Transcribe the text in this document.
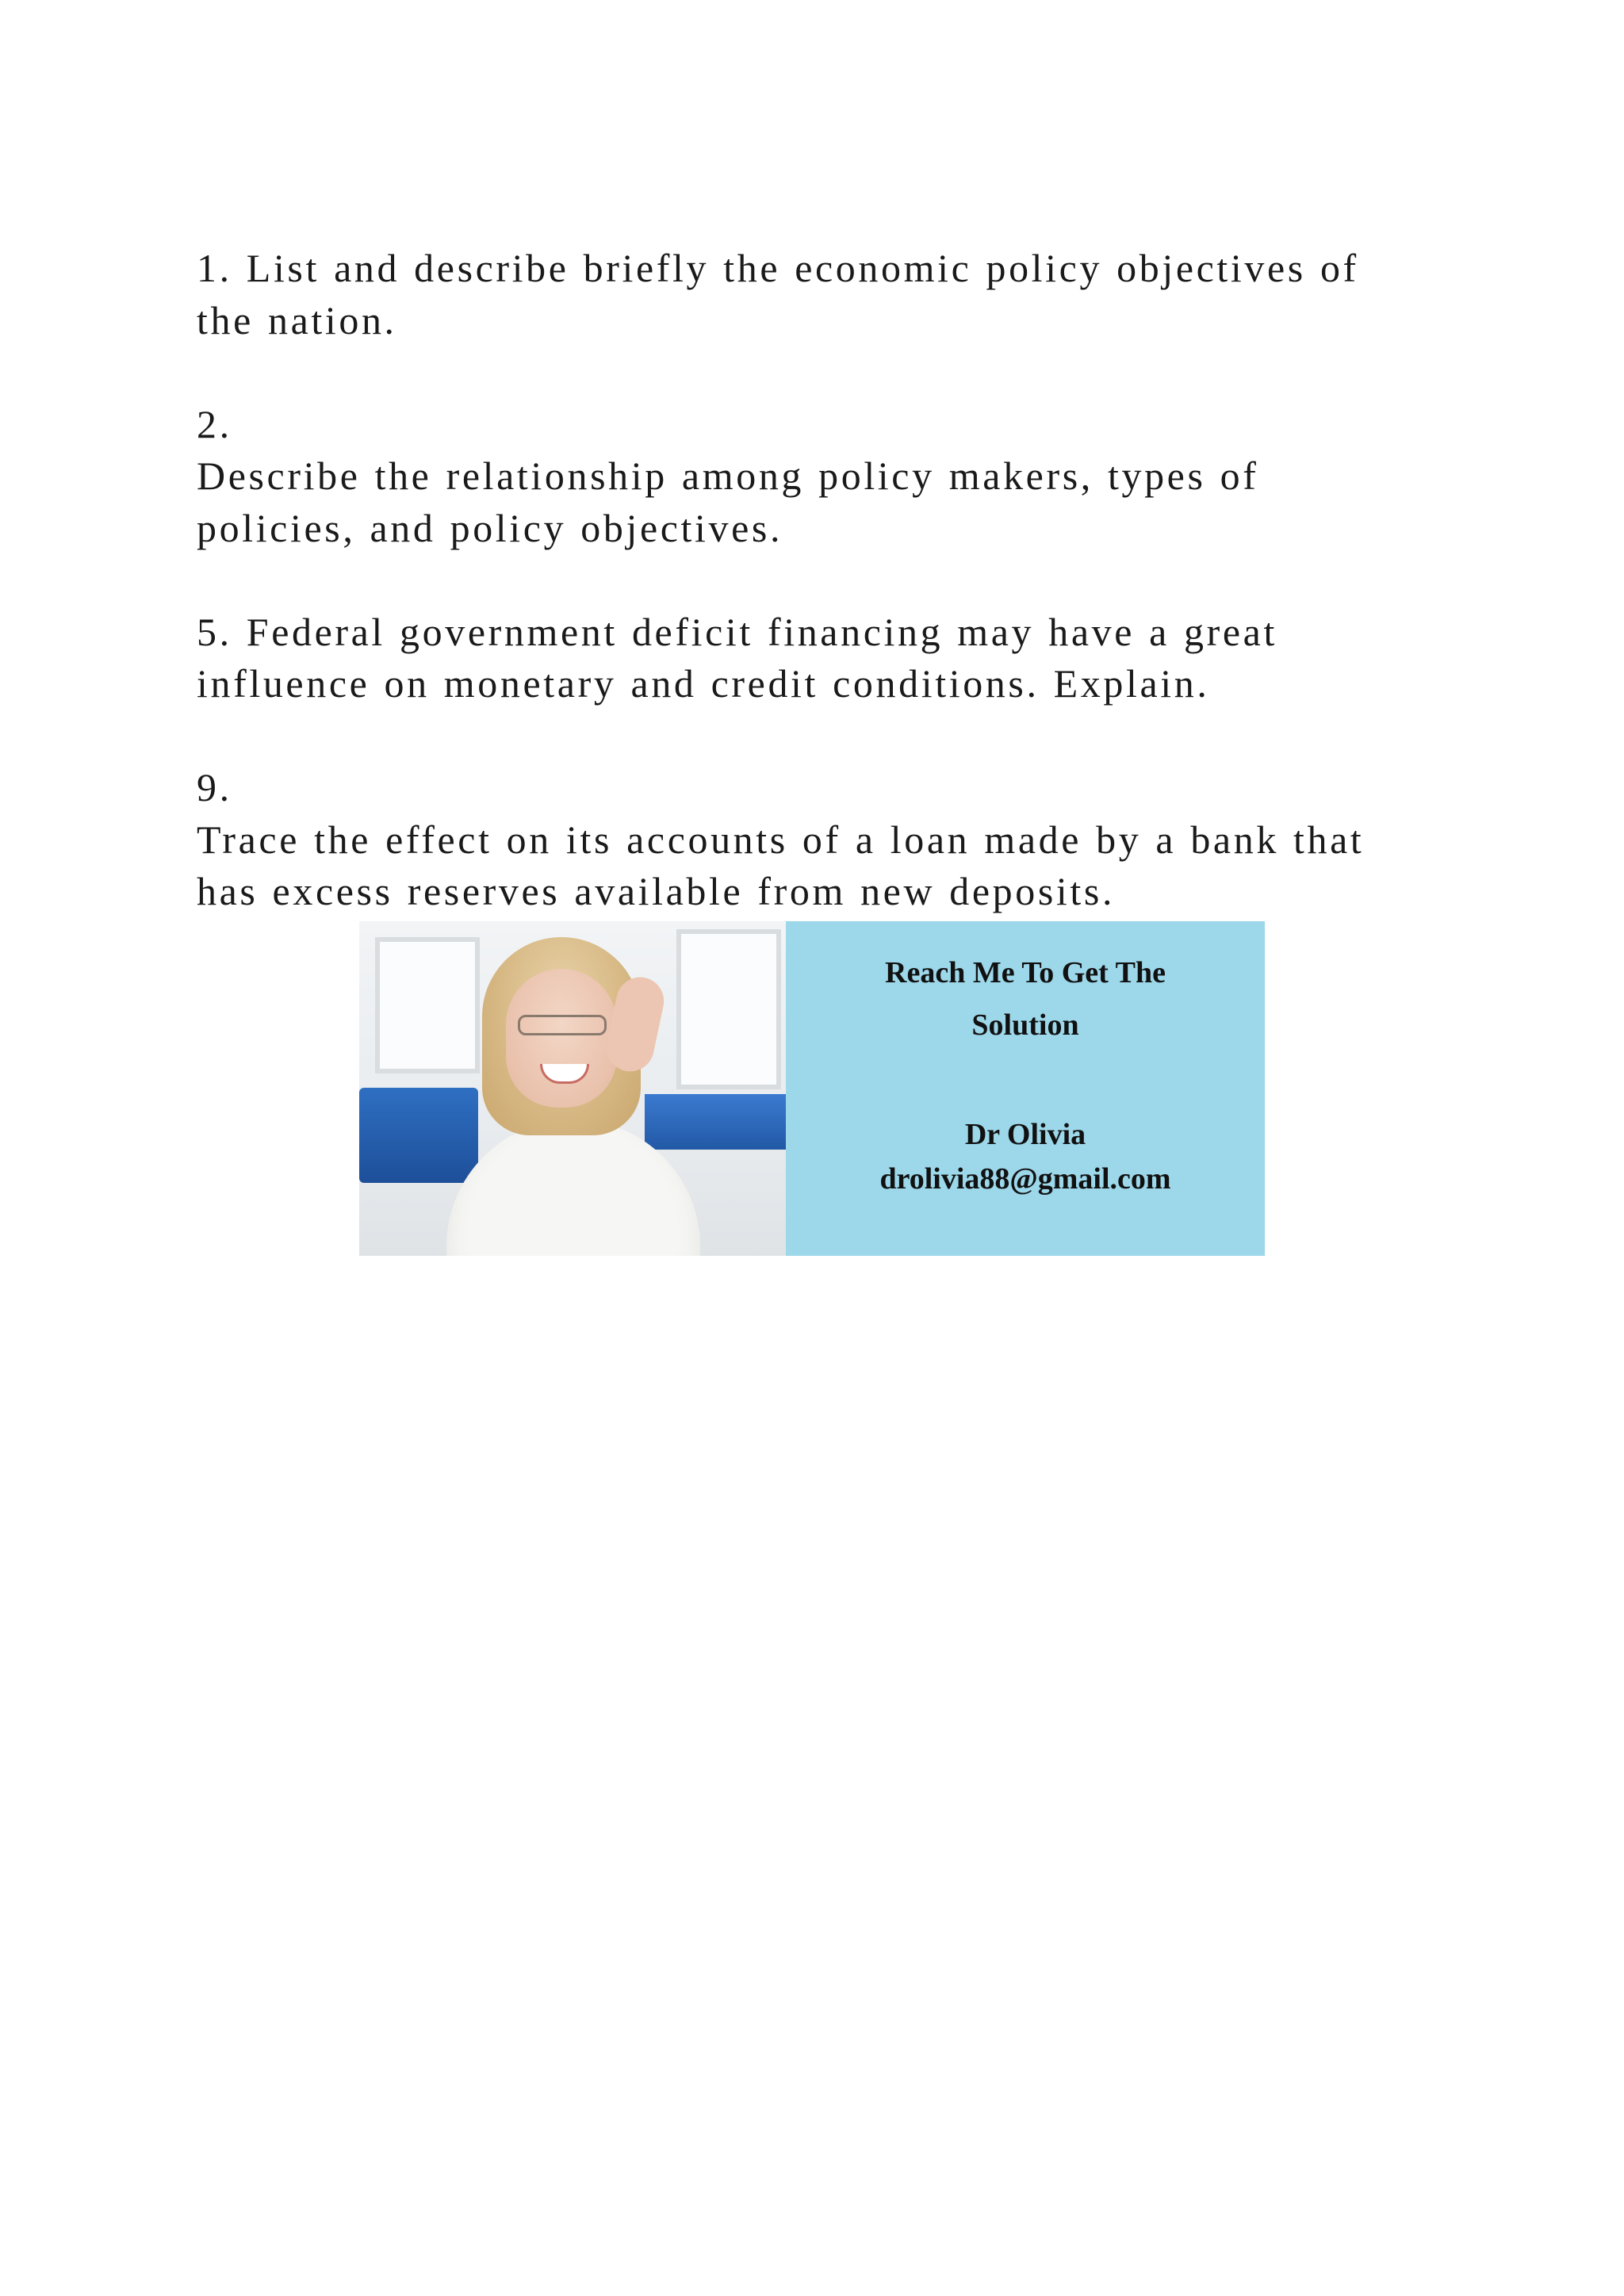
1. List and describe briefly the economic policy objectives of
the nation.

2.
Describe the relationship among policy makers, types of
policies, and policy objectives.

5. Federal government deficit financing may have a great
influence on monetary and credit conditions. Explain.

9.
Trace the effect on its accounts of a loan made by a bank that
has excess reserves available from new deposits.

Reach Me To Get The
Solution
Dr Olivia
drolivia88@gmail.com
